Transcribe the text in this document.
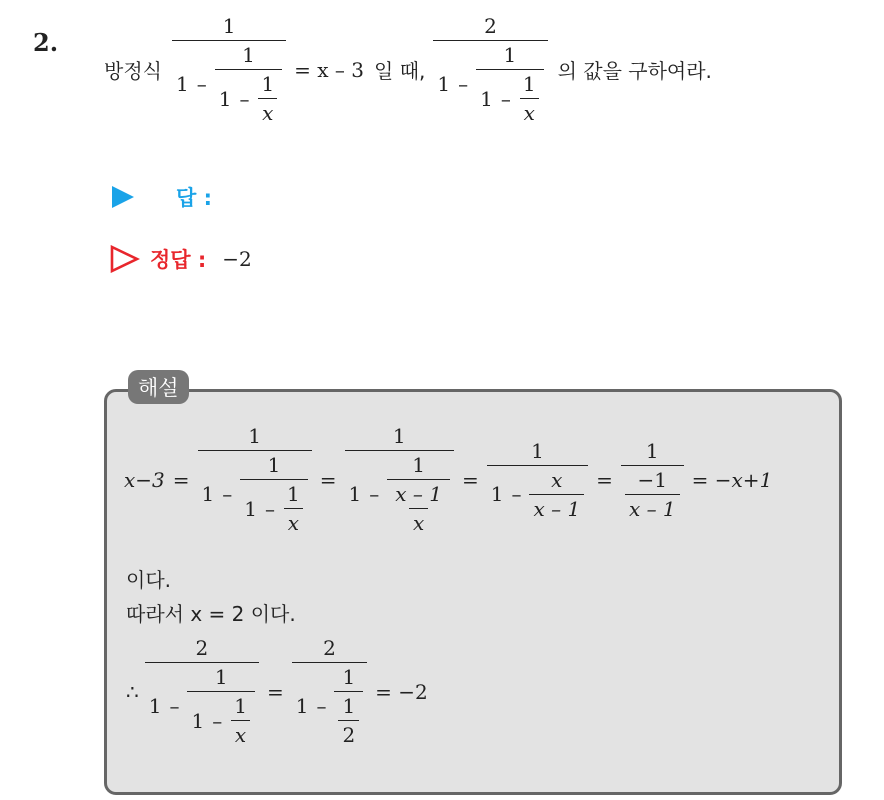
2.
방정식
1
$1 - \frac{1}{1 - \frac{1}{x}} = x - 3$ 일 때,
2
$1 - \frac{1}{1 - \frac{1}{x}}$ 의 값을 구하여라.
답 :
정답 : −2
해설
x−3 =
1
$1 - \frac{1}{1 - \frac{1}{x}}$ =
1
$1 - \frac{1}{\frac{x - 1}{x}} = \frac{1}{1 - \frac{x}{x - 1}} = \frac{1}{\frac{-1}{x - 1}} = -x+1$
이다.
따라서 x = 2 이다.
∴
2
$1 - \frac{1}{1 - \frac{1}{x}}$ =
2
$1 - \frac{1}{\frac{1}{2}} = -2$
